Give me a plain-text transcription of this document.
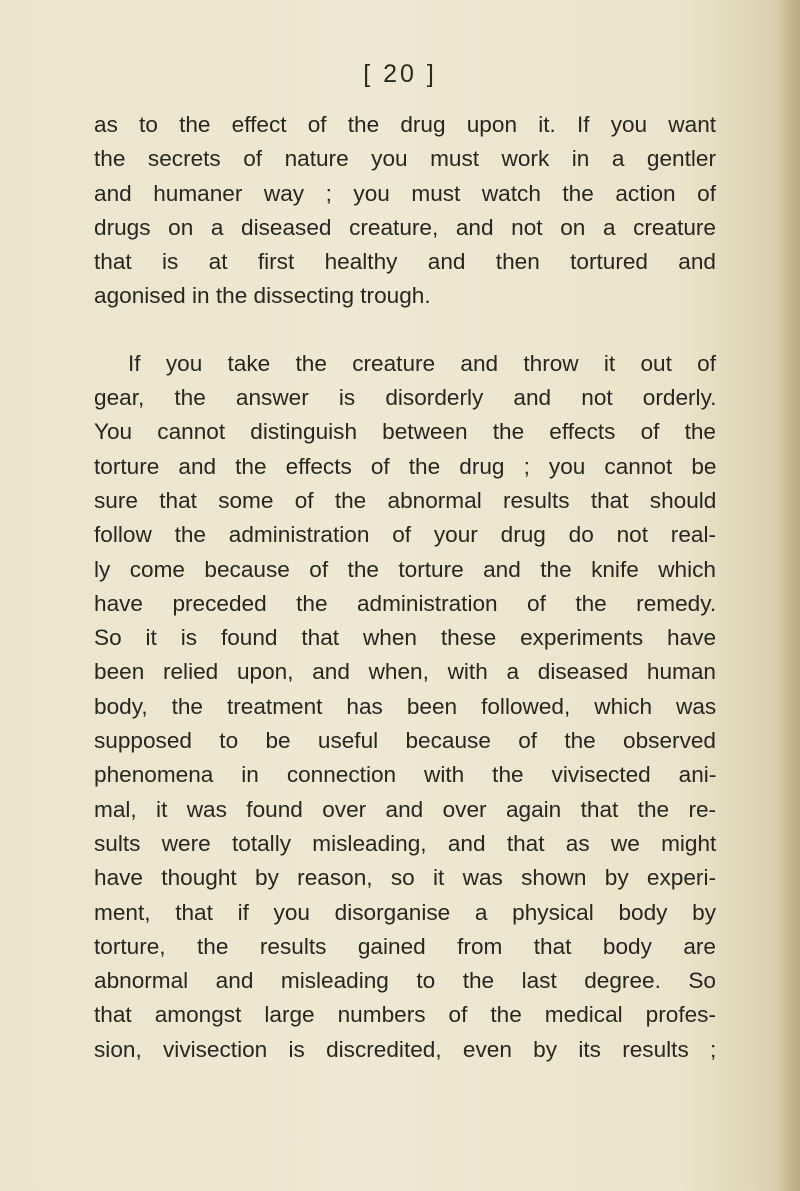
[ 20 ]
as to the effect of the drug upon it. If you want
the secrets of nature you must work in a gentler
and humaner way ; you must watch the action of
drugs on a diseased creature, and not on a creature
that is at first healthy and then tortured and
agonised in the dissecting trough.
If you take the creature and throw it out of
gear, the answer is disorderly and not orderly.
You cannot distinguish between the effects of the
torture and the effects of the drug ; you cannot be
sure that some of the abnormal results that should
follow the administration of your drug do not real-
ly come because of the torture and the knife which
have preceded the administration of the remedy.
So it is found that when these experiments have
been relied upon, and when, with a diseased human
body, the treatment has been followed, which was
supposed to be useful because of the observed
phenomena in connection with the vivisected ani-
mal, it was found over and over again that the re-
sults were totally misleading, and that as we might
have thought by reason, so it was shown by experi-
ment, that if you disorganise a physical body by
torture, the results gained from that body are
abnormal and misleading to the last degree. So
that amongst large numbers of the medical profes-
sion, vivisection is discredited, even by its results ;
